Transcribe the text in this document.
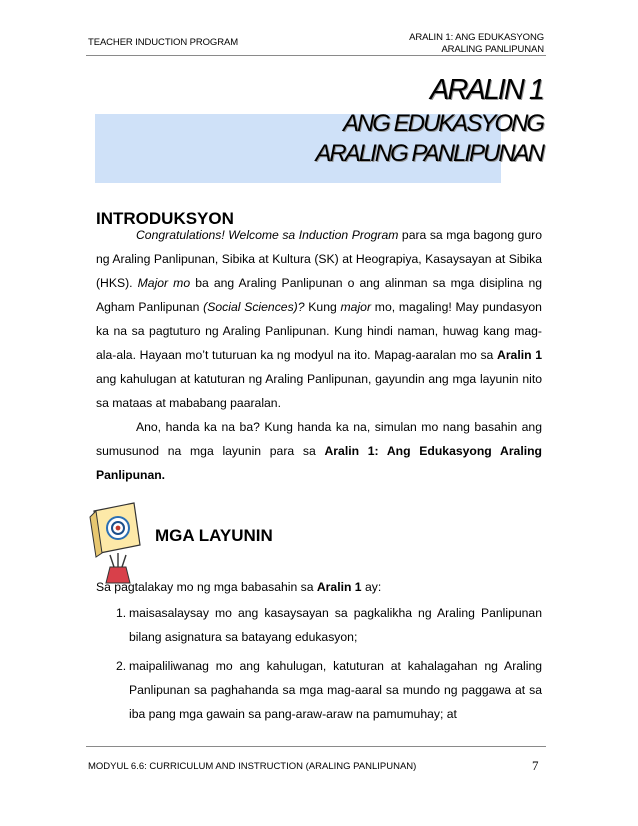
TEACHER INDUCTION PROGRAM	ARALIN 1: ANG EDUKASYONG
ARALING PANLIPUNAN
ARALIN 1
ANG EDUKASYONG
ARALING PANLIPUNAN
INTRODUKSYON
Congratulations! Welcome sa Induction Program para sa mga bagong guro ng Araling Panlipunan, Sibika at Kultura (SK) at Heograpiya, Kasaysayan at Sibika (HKS). Major mo ba ang Araling Panlipunan o ang alinman sa mga disiplina ng Agham Panlipunan (Social Sciences)? Kung major mo, magaling! May pundasyon ka na sa pagtuturo ng Araling Panlipunan. Kung hindi naman, huwag kang mag-ala-ala. Hayaan mo’t tuturuan ka ng modyul na ito. Mapag-aaralan mo sa Aralin 1 ang kahulugan at katuturan ng Araling Panlipunan, gayundin ang mga layunin nito sa mataas at mababang paaralan.
Ano, handa ka na ba? Kung handa ka na, simulan mo nang basahin ang sumusunod na mga layunin para sa Aralin 1: Ang Edukasyong Araling Panlipunan.
MGA LAYUNIN
Sa pagtalakay mo ng mga babasahin sa Aralin 1 ay:
1. maisasalaysay mo ang kasaysayan sa pagkalikha ng Araling Panlipunan bilang asignatura sa batayang edukasyon;
2. maipaliliwanag mo ang kahulugan, katuturan at kahalagahan ng Araling Panlipunan sa paghahanda sa mga mag-aaral sa mundo ng paggawa at sa iba pang mga gawain sa pang-araw-araw na pamumuhay; at
MODYUL 6.6: CURRICULUM AND INSTRUCTION (ARALING PANLIPUNAN)	7
